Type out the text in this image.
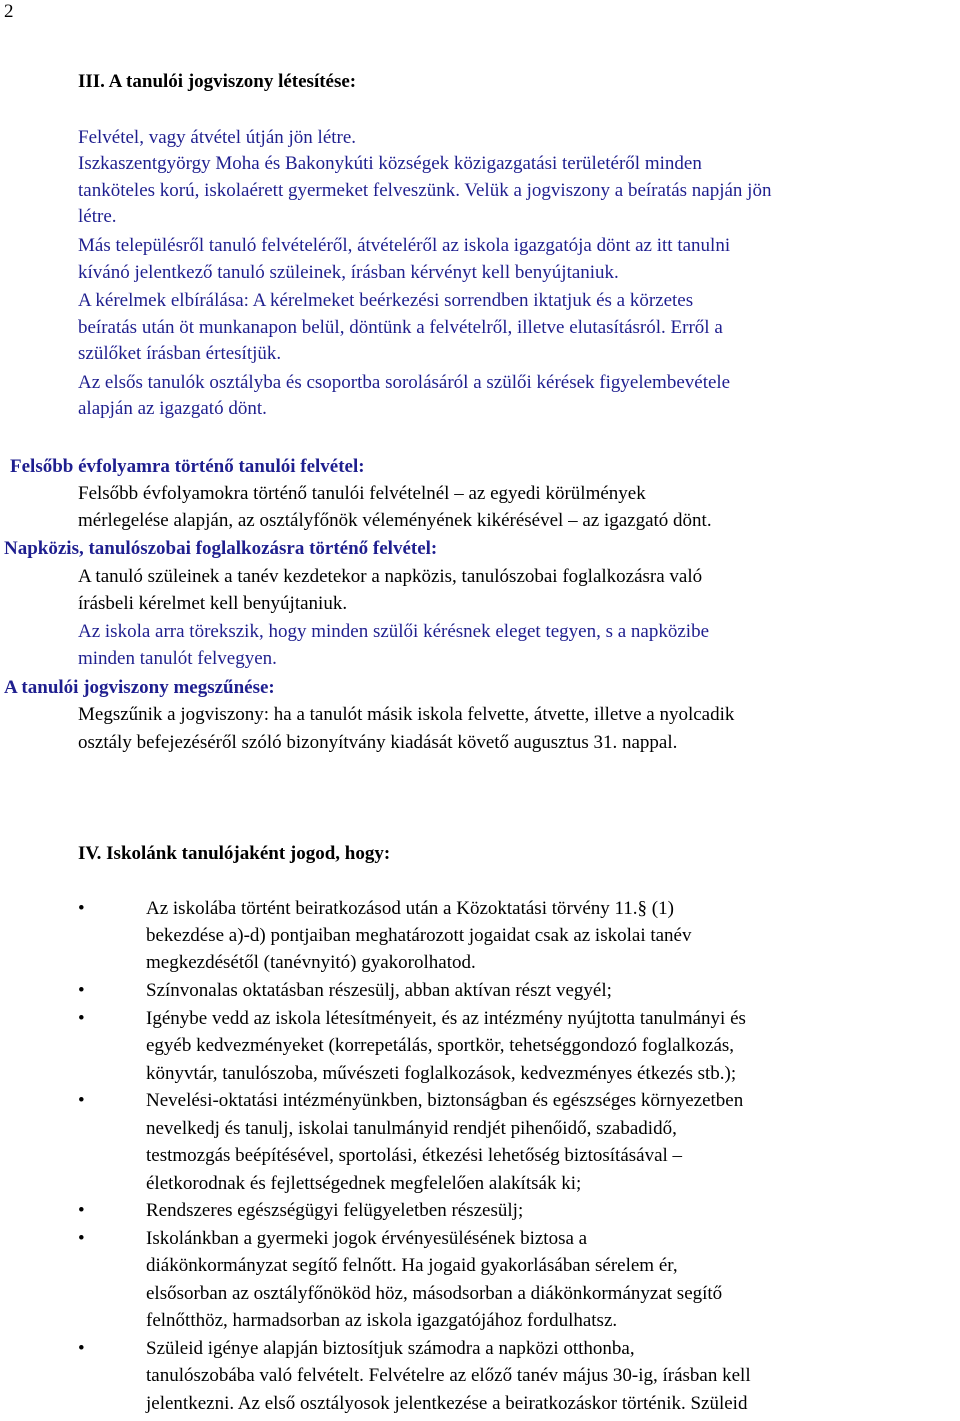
2
III. A tanulói jogviszony létesítése:
Felvétel, vagy átvétel útján jön létre.
Iszkaszentgyörgy Moha és Bakonykúti községek közigazgatási területéről minden
tanköteles korú, iskolaérett gyermeket felveszünk. Velük a jogviszony a beíratás napján jön
létre.
Más településről tanuló felvételéről, átvételéről az iskola igazgatója dönt az itt tanulni
kívánó jelentkező tanuló szüleinek, írásban kérvényt kell benyújtaniuk.
A kérelmek elbírálása: A kérelmeket beérkezési sorrendben iktatjuk és a körzetes
beíratás után öt munkanapon belül, döntünk a felvételről, illetve elutasításról. Erről a
szülőket írásban értesítjük.
Az elsős tanulók osztályba és csoportba sorolásáról a szülői kérések figyelembevétele
alapján az igazgató dönt.
Felsőbb évfolyamra történő tanulói felvétel:
Felsőbb évfolyamokra történő tanulói felvételnél – az egyedi körülmények
mérlegelése alapján, az osztályfőnök véleményének kikérésével – az igazgató dönt.
Napközis, tanulószobai foglalkozásra történő felvétel:
A tanuló szüleinek a tanév kezdetekor a napközis, tanulószobai foglalkozásra való
írásbeli kérelmet kell benyújtaniuk.
Az iskola arra törekszik, hogy minden szülői kérésnek eleget tegyen, s a napközibe
minden tanulót felvegyen.
A tanulói jogviszony megszűnése:
Megszűnik a jogviszony: ha a tanulót másik iskola felvette, átvette, illetve a nyolcadik
osztály befejezéséről szóló bizonyítvány kiadását követő augusztus 31. nappal.
IV. Iskolánk tanulójaként jogod, hogy:
•	Az iskolába történt beiratkozásod után a Közoktatási törvény 11.§ (1)
bekezdése a)-d) pontjaiban meghatározott jogaidat csak az iskolai tanév
megkezdésétől (tanévnyitó) gyakorolhatod.
•	Színvonalas oktatásban részesülj, abban aktívan részt vegyél;
•	Igénybe vedd az iskola létesítményeit, és az intézmény nyújtotta tanulmányi és
egyéb kedvezményeket (korrepetálás, sportkör, tehetséggondozó foglalkozás,
könyvtár, tanulószoba, művészeti foglalkozások, kedvezményes étkezés stb.);
•	Nevelési-oktatási intézményünkben, biztonságban és egészséges környezetben
nevelkedj és tanulj, iskolai tanulmányid rendjét pihenőidő, szabadidő,
testmozgás beépítésével, sportolási, étkezési lehetőség biztosításával –
életkorodnak és fejlettségednek megfelelően alakítsák ki;
•	Rendszeres egészségügyi felügyeletben részesülj;
•	Iskolánkban a gyermeki jogok érvényesülésének biztosa a
diákönkormányzat segítő felnőtt. Ha jogaid gyakorlásában sérelem ér,
elsősorban az osztályfőnököd höz, másodsorban a diákönkormányzat segítő
felnőtthöz, harmadsorban az iskola igazgatójához fordulhatsz.
•	Szüleid igénye alapján biztosítjuk számodra a napközi otthonba,
tanulószobába való felvételt. Felvételre az előző tanév május 30-ig, írásban kell
jelentkezni. Az első osztályosok jelentkezése a beiratkozáskor történik. Szüleid
